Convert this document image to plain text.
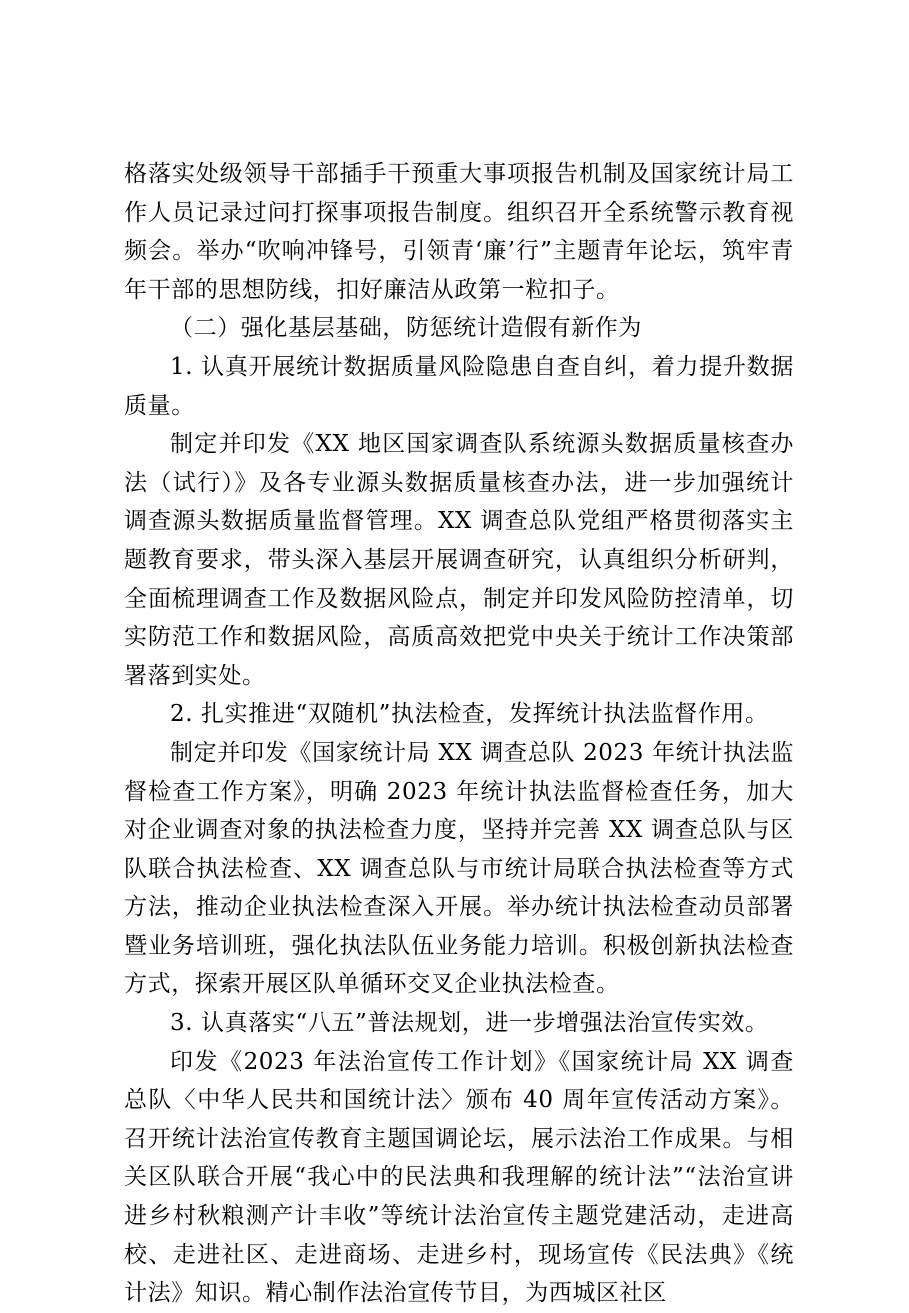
格落实处级领导干部插手干预重大事项报告机制及国家统计局工作人员记录过问打探事项报告制度。组织召开全系统警示教育视频会。举办“吹响冲锋号，引领青‘廉’行”主题青年论坛，筑牢青年干部的思想防线，扣好廉洁从政第一粒扣子。

（二）强化基层基础，防惩统计造假有新作为

1. 认真开展统计数据质量风险隐患自查自纠，着力提升数据质量。

制定并印发《XX 地区国家调查队系统源头数据质量核查办法（试行）》及各专业源头数据质量核查办法，进一步加强统计调查源头数据质量监督管理。XX 调查总队党组严格贯彻落实主题教育要求，带头深入基层开展调查研究，认真组织分析研判，全面梳理调查工作及数据风险点，制定并印发风险防控清单，切实防范工作和数据风险，高质高效把党中央关于统计工作决策部署落到实处。

2. 扎实推进“双随机”执法检查，发挥统计执法监督作用。

制定并印发《国家统计局 XX 调查总队 2023 年统计执法监督检查工作方案》，明确 2023 年统计执法监督检查任务，加大对企业调查对象的执法检查力度，坚持并完善 XX 调查总队与区队联合执法检查、XX 调查总队与市统计局联合执法检查等方式方法，推动企业执法检查深入开展。举办统计执法检查动员部署暨业务培训班，强化执法队伍业务能力培训。积极创新执法检查方式，探索开展区队单循环交叉企业执法检查。

3. 认真落实“八五”普法规划，进一步增强法治宣传实效。

印发《2023 年法治宣传工作计划》《国家统计局 XX 调查总队〈中华人民共和国统计法〉颁布 40 周年宣传活动方案》。召开统计法治宣传教育主题国调论坛，展示法治工作成果。与相关区队联合开展“我心中的民法典和我理解的统计法”“法治宣讲进乡村秋粮测产计丰收”等统计法治宣传主题党建活动，走进高校、走进社区、走进商场、走进乡村，现场宣传《民法典》《统计法》知识。精心制作法治宣传节目，为西城区社区
